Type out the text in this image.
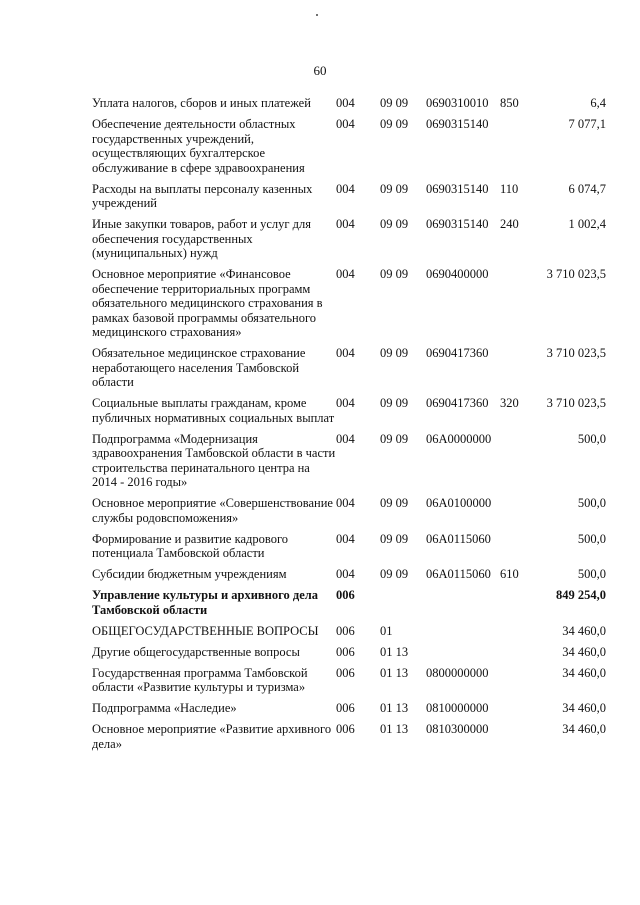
60
Уплата налогов, сборов и иных платежей	004	09 09	0690310010	850	6,4
Обеспечение деятельности областных государственных учреждений, осуществляющих бухгалтерское обслуживание в сфере здравоохранения	004	09 09	0690315140		7 077,1
Расходы на выплаты персоналу казенных учреждений	004	09 09	0690315140	110	6 074,7
Иные закупки товаров, работ и услуг для обеспечения государственных (муниципальных) нужд	004	09 09	0690315140	240	1 002,4
Основное мероприятие «Финансовое обеспечение территориальных программ обязательного медицинского страхования в рамках базовой программы обязательного медицинского страхования»	004	09 09	0690400000		3 710 023,5
Обязательное медицинское страхование неработающего населения Тамбовской области	004	09 09	0690417360		3 710 023,5
Социальные выплаты гражданам, кроме публичных нормативных социальных выплат	004	09 09	0690417360	320	3 710 023,5
Подпрограмма «Модернизация здравоохранения Тамбовской области в части строительства перинатального центра на 2014 - 2016 годы»	004	09 09	06А0000000		500,0
Основное мероприятие «Совершенствование службы родовспоможения»	004	09 09	06А0100000		500,0
Формирование и развитие кадрового потенциала Тамбовской области	004	09 09	06А0115060		500,0
Субсидии бюджетным учреждениям	004	09 09	06А0115060	610	500,0
Управление культуры и архивного дела Тамбовской области	006				849 254,0
ОБЩЕГОСУДАРСТВЕННЫЕ ВОПРОСЫ	006	01			34 460,0
Другие общегосударственные вопросы	006	01 13			34 460,0
Государственная программа Тамбовской области «Развитие культуры и туризма»	006	01 13	0800000000		34 460,0
Подпрограмма «Наследие»	006	01 13	0810000000		34 460,0
Основное мероприятие «Развитие архивного дела»	006	01 13	0810300000		34 460,0
